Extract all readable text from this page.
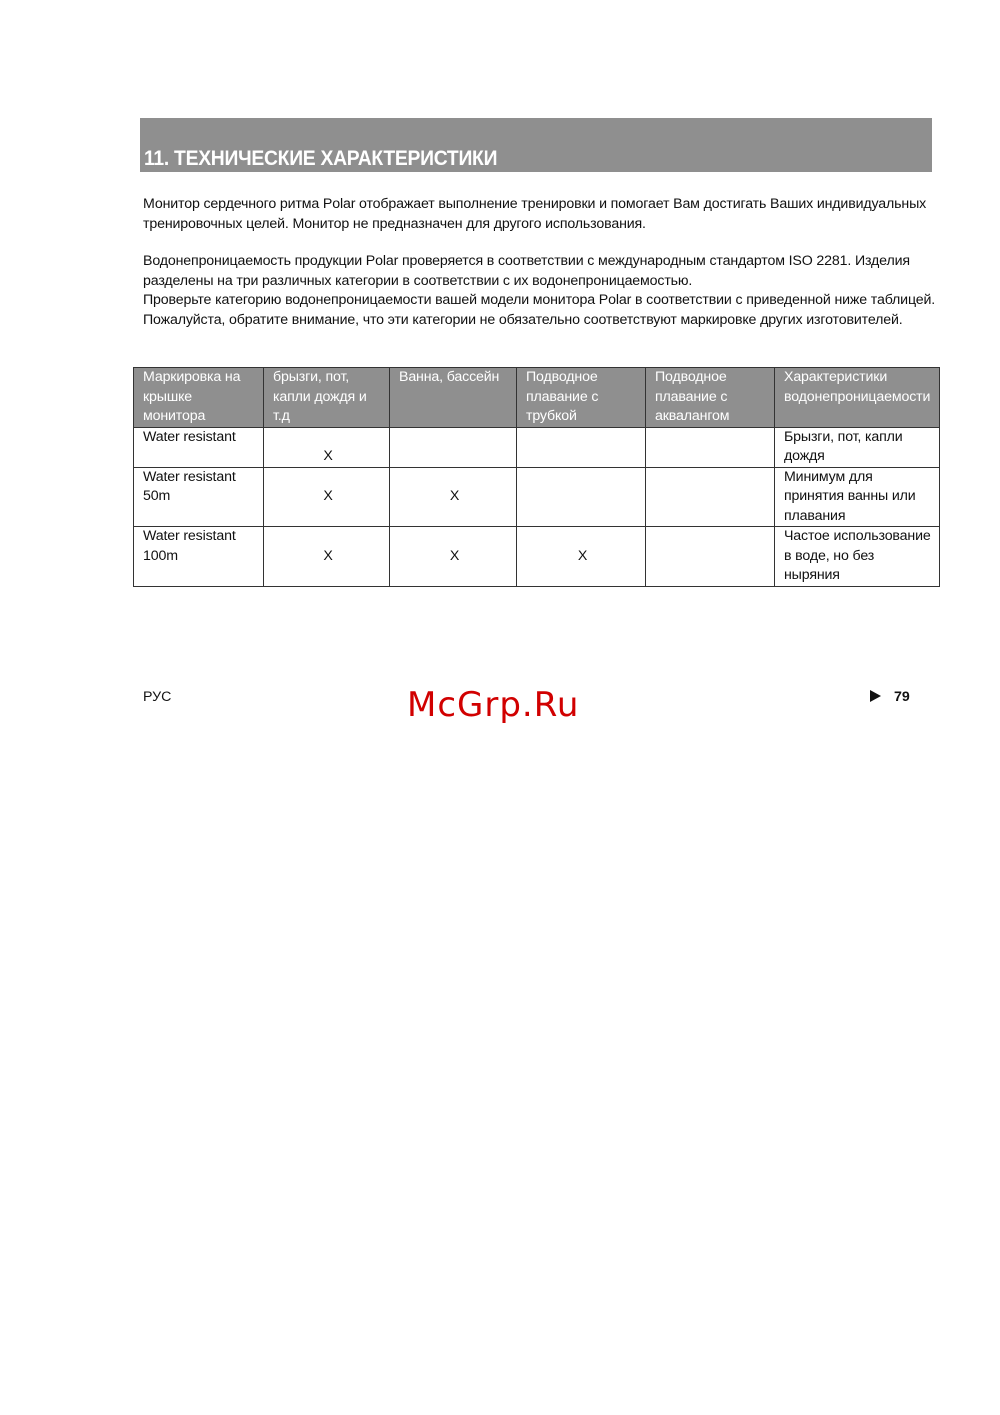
11. ТЕХНИЧЕСКИЕ ХАРАКТЕРИСТИКИ

Монитор сердечного ритма Polar отображает выполнение тренировки и помогает Вам достигать Ваших индивидуальных тренировочных целей. Монитор не предназначен для другого использования.

Водонепроницаемость продукции Polar проверяется в соответствии с международным стандартом ISO 2281. Изделия разделены на три различных категории в соответствии с их водонепроницаемостью.

Проверьте категорию водонепроницаемости вашей модели монитора Polar в соответствии с приведенной ниже таблицей. Пожалуйста, обратите внимание, что эти категории не обязательно соответствуют маркировке других изготовителей.

Маркировка на крышке монитора	брызги, пот, капли дождя и т.д	Ванна, бассейн	Подводное плавание с трубкой	Подводное плавание с аквалангом	Характеристики водонепроницаемости

Water resistant	X				Брызги, пот, капли дождя

Water resistant
50m	X	X			Минимум для принятия ванны или плавания

Water resistant
100m	X	X	X		Частое использование в воде, но без ныряния
РУС	McGrp.Ru	79
